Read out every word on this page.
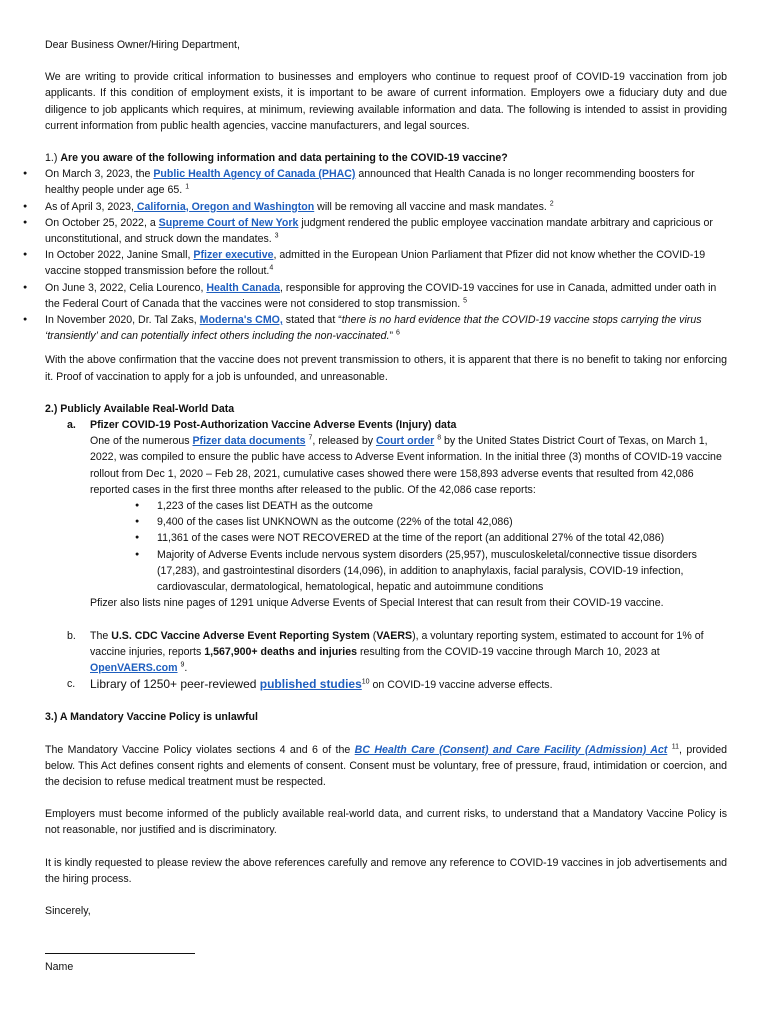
Dear Business Owner/Hiring Department,

We are writing to provide critical information to businesses and employers who continue to request proof of COVID-19 vaccination from job applicants. If this condition of employment exists, it is important to be aware of current information. Employers owe a fiduciary duty and due diligence to job applicants which requires, at minimum, reviewing available information and data. The following is intended to assist in providing current information from public health agencies, vaccine manufacturers, and legal sources.

1.) Are you aware of the following information and data pertaining to the COVID-19 vaccine?

● On March 3, 2023, the Public Health Agency of Canada (PHAC) announced that Health Canada is no longer recommending boosters for healthy people under age 65. $^1$
● As of April 3, 2023, California, Oregon and Washington will be removing all vaccine and mask mandates. $^2$
● On October 25, 2022, a Supreme Court of New York judgment rendered the public employee vaccination mandate arbitrary and capricious or unconstitutional, and struck down the mandates. $^3$
● In October 2022, Janine Small, Pfizer executive, admitted in the European Union Parliament that Pfizer did not know whether the COVID-19 vaccine stopped transmission before the rollout.$^4$
● On June 3, 2022, Celia Lourenco, Health Canada, responsible for approving the COVID-19 vaccines for use in Canada, admitted under oath in the Federal Court of Canada that the vaccines were not considered to stop transmission. $^5$
● In November 2020, Dr. Tal Zaks, Moderna's CMO, stated that “there is no hard evidence that the COVID-19 vaccine stops carrying the virus ‘transiently’ and can potentially infect others including the non-vaccinated.” $^6$

With the above confirmation that the vaccine does not prevent transmission to others, it is apparent that there is no benefit to taking nor enforcing it. Proof of vaccination to apply for a job is unfounded, and unreasonable.

2.) Publicly Available Real-World Data

a. Pfizer COVID-19 Post-Authorization Vaccine Adverse Events (Injury) data

One of the numerous Pfizer data documents $^7$, released by Court order $^8$ by the United States District Court of Texas, on March 1, 2022, was compiled to ensure the public have access to Adverse Event information. In the initial three (3) months of COVID-19 vaccine rollout from Dec 1, 2020 – Feb 28, 2021, cumulative cases showed there were 158,893 adverse events that resulted from 42,086 reported cases in the first three months after released to the public. Of the 42,086 case reports:

● 1,223 of the cases list DEATH as the outcome
● 9,400 of the cases list UNKNOWN as the outcome (22% of the total 42,086)
● 11,361 of the cases were NOT RECOVERED at the time of the report (an additional 27% of the total 42,086)
● Majority of Adverse Events include nervous system disorders (25,957), musculoskeletal/connective tissue disorders (17,283), and gastrointestinal disorders (14,096), in addition to anaphylaxis, facial paralysis, COVID-19 infection, cardiovascular, dermatological, hematological, hepatic and autoimmune conditions

Pfizer also lists nine pages of 1291 unique Adverse Events of Special Interest that can result from their COVID-19 vaccine.

b. The U.S. CDC Vaccine Adverse Event Reporting System (VAERS), a voluntary reporting system, estimated to account for 1% of vaccine injuries, reports 1,567,900+ deaths and injuries resulting from the COVID-19 vaccine through March 10, 2023 at OpenVAERS.com $^9$.

c. Library of 1250+ peer-reviewed published studies$^{10}$ on COVID-19 vaccine adverse effects.

3.) A Mandatory Vaccine Policy is unlawful

The Mandatory Vaccine Policy violates sections 4 and 6 of the BC Health Care (Consent) and Care Facility (Admission) Act $^{11}$, provided below. This Act defines consent rights and elements of consent. Consent must be voluntary, free of pressure, fraud, intimidation or coercion, and the decision to refuse medical treatment must be respected.

Employers must become informed of the publicly available real-world data, and current risks, to understand that a Mandatory Vaccine Policy is not reasonable, nor justified and is discriminatory.

It is kindly requested to please review the above references carefully and remove any reference to COVID-19 vaccines in job advertisements and the hiring process.

Sincerely,

Name
